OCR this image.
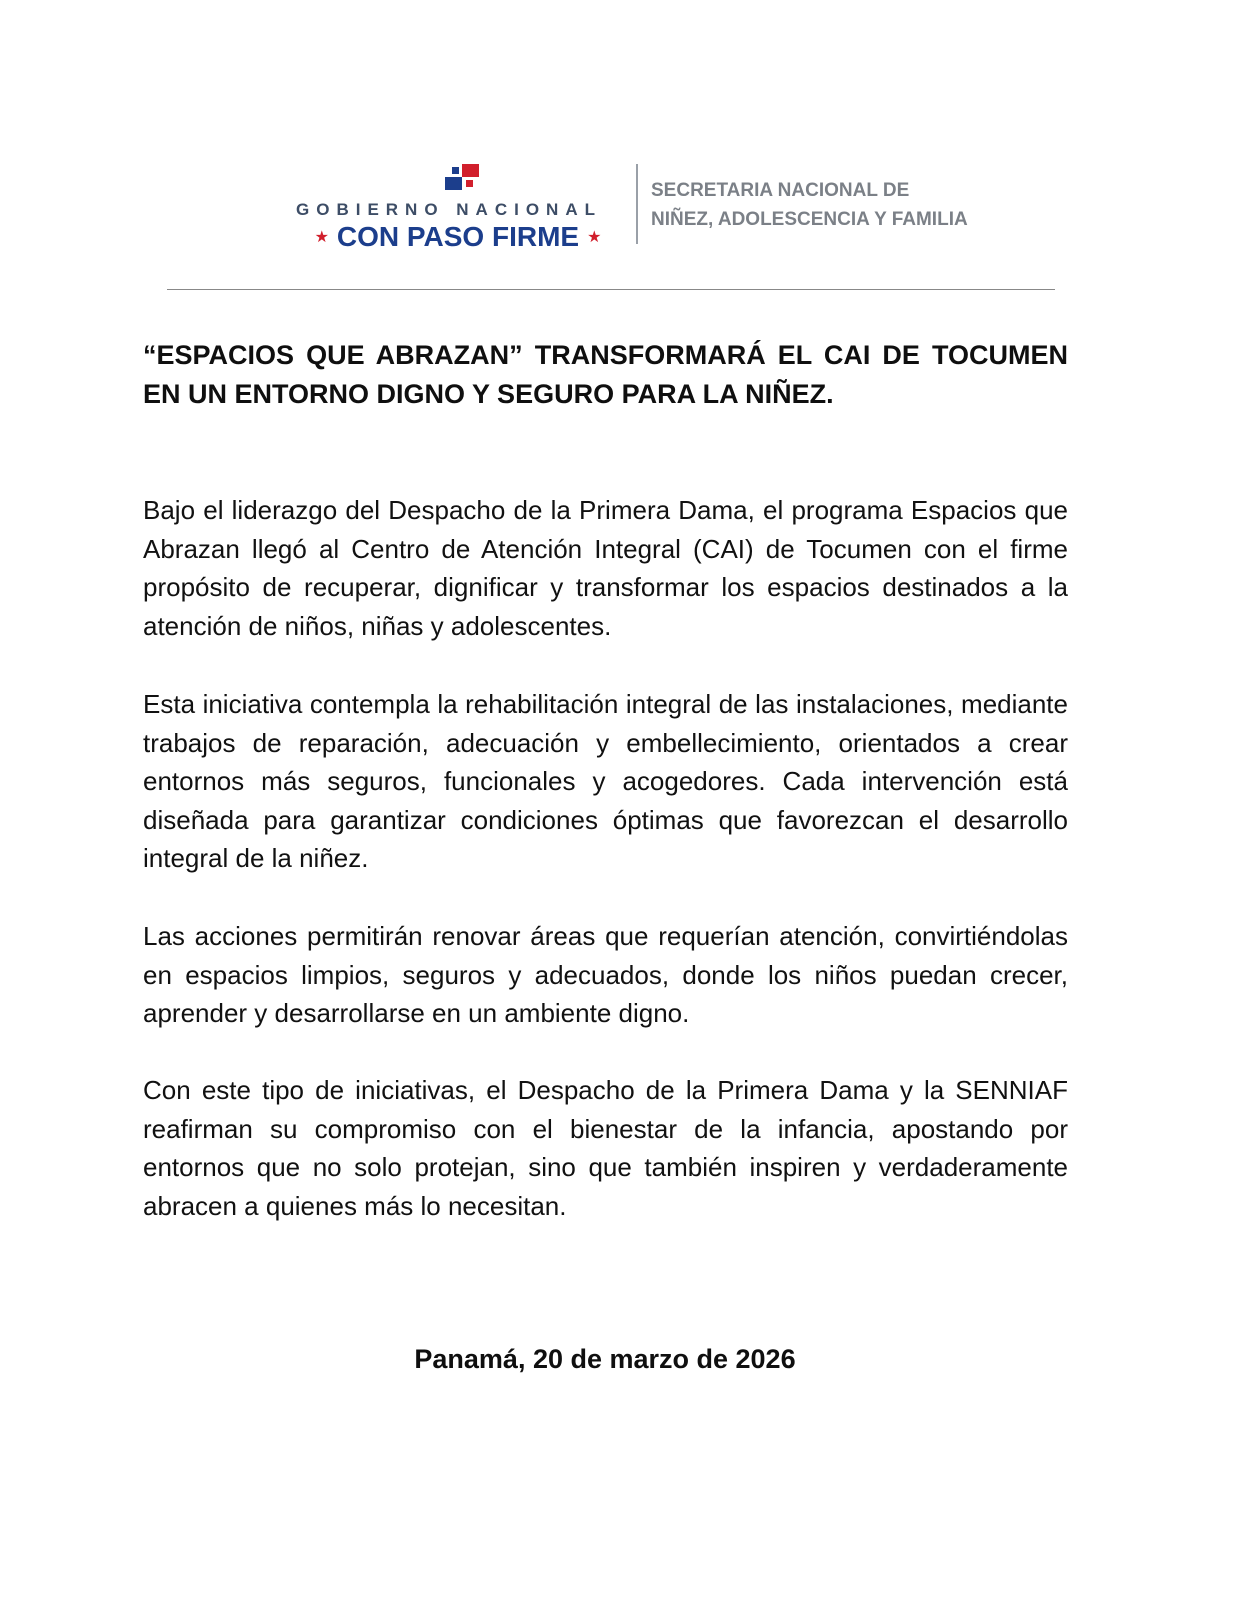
GOBIERNO NACIONAL
★ CON PASO FIRME ★
SECRETARIA NACIONAL DE
NIÑEZ, ADOLESCENCIA Y FAMILIA
“ESPACIOS QUE ABRAZAN” TRANSFORMARÁ EL CAI DE TOCUMEN EN UN ENTORNO DIGNO Y SEGURO PARA LA NIÑEZ.

Bajo el liderazgo del Despacho de la Primera Dama, el programa Espacios que Abrazan llegó al Centro de Atención Integral (CAI) de Tocumen con el firme propósito de recuperar, dignificar y transformar los espacios destinados a la atención de niños, niñas y adolescentes.

Esta iniciativa contempla la rehabilitación integral de las instalaciones, mediante trabajos de reparación, adecuación y embellecimiento, orientados a crear entornos más seguros, funcionales y acogedores. Cada intervención está diseñada para garantizar condiciones óptimas que favorezcan el desarrollo integral de la niñez.

Las acciones permitirán renovar áreas que requerían atención, convirtiéndolas en espacios limpios, seguros y adecuados, donde los niños puedan crecer, aprender y desarrollarse en un ambiente digno.

Con este tipo de iniciativas, el Despacho de la Primera Dama y la SENNIAF reafirman su compromiso con el bienestar de la infancia, apostando por entornos que no solo protejan, sino que también inspiren y verdaderamente abracen a quienes más lo necesitan.

Panamá, 20 de marzo de 2026
